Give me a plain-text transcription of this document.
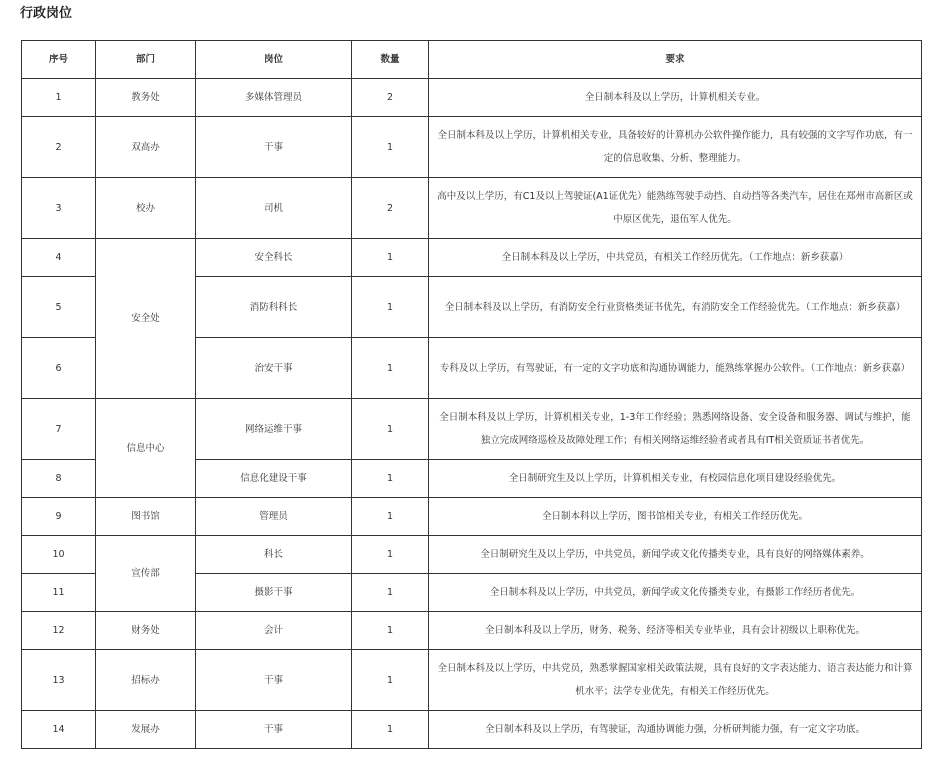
行政岗位
序号	部门	岗位	数量	要求
1	教务处	多媒体管理员	2	全日制本科及以上学历，计算机相关专业。
2	双高办	干事	1	全日制本科及以上学历，计算机相关专业，具备较好的计算机办公软件操作能力，具有较强的文字写作功底，有一定的信息收集、分析、整理能力。
3	校办	司机	2	高中及以上学历，有C1及以上驾驶证(A1证优先）能熟练驾驶手动挡、自动挡等各类汽车，居住在郑州市高新区或中原区优先，退伍军人优先。
4	安全处	安全科长	1	全日制本科及以上学历，中共党员，有相关工作经历优先。（工作地点：新乡获嘉）
5		消防科科长	1	全日制本科及以上学历，有消防安全行业资格类证书优先，有消防安全工作经验优先。（工作地点：新乡获嘉）
6		治安干事	1	专科及以上学历，有驾驶证，有一定的文字功底和沟通协调能力，能熟练掌握办公软件。（工作地点：新乡获嘉）
7	信息中心	网络运维干事	1	全日制本科及以上学历，计算机相关专业，1-3年工作经验；熟悉网络设备、安全设备和服务器、调试与维护，能独立完成网络巡检及故障处理工作；有相关网络运维经验者或者具有IT相关资质证书者优先。
8		信息化建设干事	1	全日制研究生及以上学历，计算机相关专业，有校园信息化项目建设经验优先。
9	图书馆	管理员	1	全日制本科以上学历，图书馆相关专业，有相关工作经历优先。
10	宣传部	科长	1	全日制研究生及以上学历，中共党员，新闻学或文化传播类专业，具有良好的网络媒体素养。
11		摄影干事	1	全日制本科及以上学历，中共党员，新闻学或文化传播类专业，有摄影工作经历者优先。
12	财务处	会计	1	全日制本科及以上学历，财务、税务、经济等相关专业毕业，具有会计初级以上职称优先。
13	招标办	干事	1	全日制本科及以上学历，中共党员，熟悉掌握国家相关政策法规，具有良好的文字表达能力、语言表达能力和计算机水平；法学专业优先，有相关工作经历优先。
14	发展办	干事	1	全日制本科及以上学历，有驾驶证，沟通协调能力强，分析研判能力强，有一定文字功底。
